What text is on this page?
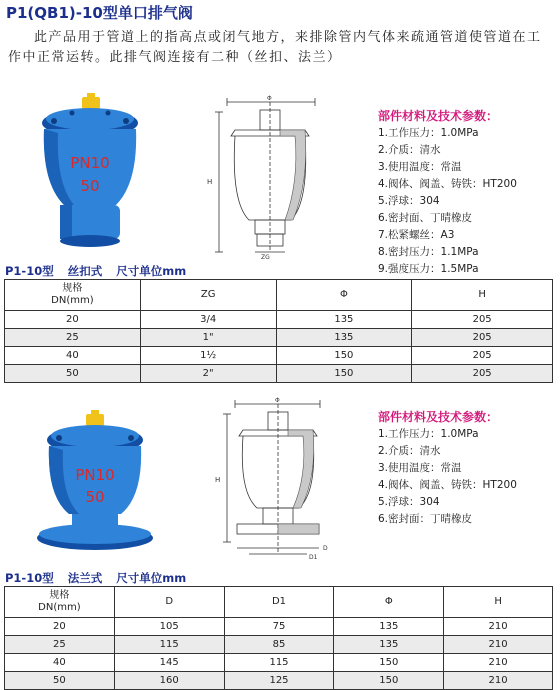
P1(QB1)-10型单口排气阀
此产品用于管道上的指高点或闭气地方，来排除管内气体来疏通管道使管道在工作中正常运转。此排气阀连接有二种（丝扣、法兰）
PN10
50	H
ZG
Φ
部件材料及技术参数：
1.工作压力：1.0MPa
2.介质：清水
3.使用温度：常温
4.阀体、阀盖、铸铁：HT200
5.浮球：304
6.密封面、丁晴橡皮
7.松紧螺丝：A3
8.密封压力：1.1MPa
9.强度压力：1.5MPa
P1-10型 丝扣式 尺寸单位mm
规格
DN(mm)	ZG	Φ	H
20	3/4	135	205
25	1"	135	205
40	1½	150	205
50	2"	150	205
PN10
50
H
Φ
D
D1
部件材料及技术参数：
1.工作压力：1.0MPa
2.介质：清水
3.使用温度：常温
4.阀体、阀盖、铸铁：HT200
5.浮球：304
6.密封面：丁晴橡皮
P1-10型 法兰式 尺寸单位mm
规格
DN(mm)	D	D1	Φ	H
20	105	75	135	210
25	115	85	135	210
40	145	115	150	210
50	160	125	150	210
